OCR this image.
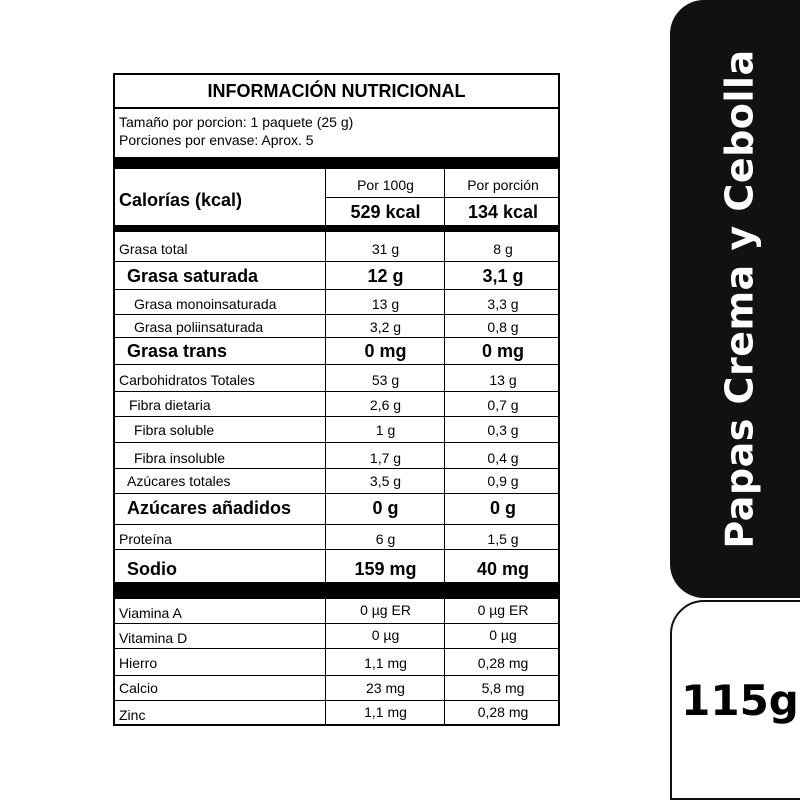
INFORMACIÓN NUTRICIONAL
Tamaño por porcion: 1 paquete (25 g)
Porciones por envase: Aprox. 5
Calorías (kcal)
Por 100g	Por porción
529 kcal	134 kcal
Grasa total	31 g	8 g
Grasa saturada	12 g	3,1 g
Grasa monoinsaturada	13 g	3,3 g
Grasa poliinsaturada	3,2 g	0,8 g
Grasa trans	0 mg	0 mg
Carbohidratos Totales	53 g	13 g
Fibra dietaria	2,6 g	0,7 g
Fibra soluble	1 g	0,3 g
Fibra insoluble	1,7 g	0,4 g
Azúcares totales	3,5 g	0,9 g
Azúcares añadidos	0 g	0 g
Proteína	6 g	1,5 g
Sodio	159 mg	40 mg
Viamina A	0 µg ER	0 µg ER
Vitamina D	0 µg	0 µg
Hierro	1,1 mg	0,28 mg
Calcio	23 mg	5,8 mg
Zinc	1,1 mg	0,28 mg
Papas Crema y Cebolla
115g
